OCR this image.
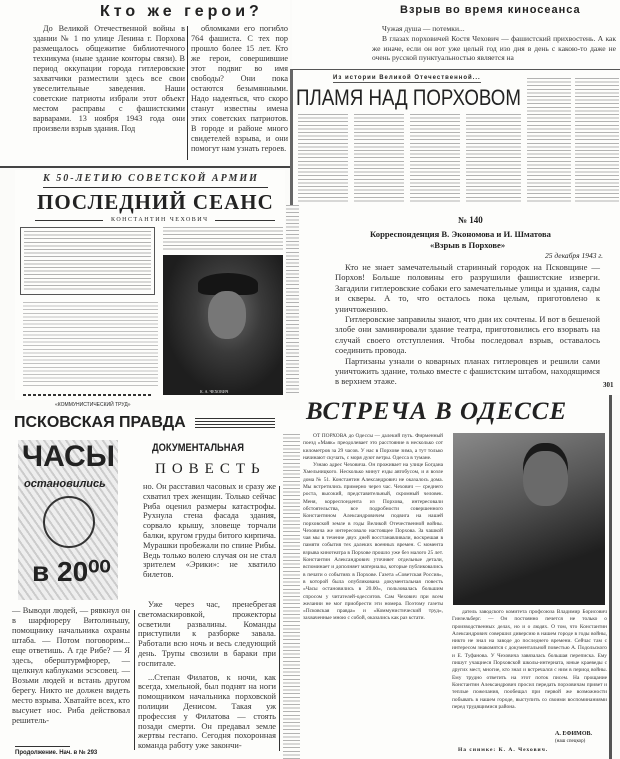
Кто же герои?
До Великой Отечественной войны в здании № 1 по улице Ленина г. Порхова размещалось общежитие библиотечного техникума (ныне здание конторы связи). В период оккупации города гитлеровские захватчики разместили здесь все свои увеселительные заведения. Наши советские патриоты избрали этот объект местом расправы с фашистскими варварами. 13 ноября 1943 года они произвели взрыв здания. Под
обломками его погибло 764 фашиста. С тех пор прошло более 15 лет. Кто же герои, совершившие этот подвиг во имя свободы? Они пока остаются безымянными. Надо надеяться, что скоро станут известны имена этих советских патриотов. В городе и районе много свидетелей взрыва, и они помогут нам узнать героев.
Взрыв во время киносеанса
Чужая душа — потемки...
В глазах порховичей Костя Чехович — фашистский прихвостень. А как же иначе, если он вот уже целый год изо дня в день с какою-то даже не очень русской пунктуальностью является на
Из истории Великой Отечественной...
ПЛАМЯ НАД ПОРХОВОМ
К 50-ЛЕТИЮ СОВЕТСКОЙ АРМИИ
ПОСЛЕДНИЙ СЕАНС
КОНСТАНТИН ЧЕХОВИЧ
К. А. ЧЕХОВИЧ
«КОММУНИСТИЧЕСКИЙ ТРУД»
№ 140
Корреспонденция В. Экономова и И. Шматова
«Взрыв в Порхове»
25 декабря 1943 г.

Кто не знает замечательный старинный городок на Псковщине — Порхов! Больше половины его разрушили фашистские изверги. Загадили гитлеровские собаки его замечательные улицы и здания, сады и скверы. А то, что осталось пока целым, приготовлено к уничтожению.

Гитлеровские заправилы знают, что дни их сочтены. И вот в бешеной злобе они заминировали здание театра, приготовились его взорвать на случай своего отступления. Чтобы последовал взрыв, оставалось соединить провода.

Партизаны узнали о коварных планах гитлеровцев и решили сами уничтожить здание, только вместе с фашистским штабом, находящимся в верхнем этаже.	301
ПСКОВСКАЯ ПРАВДА
ЧАСЫ
остановились
в 20⁰⁰
ДОКУМЕНТАЛЬНАЯ
ПОВЕСТЬ
но. Он расставил часовых и сразу же схватил трех женщин. Только сейчас Риба оценил размеры катастрофы. Рухнула стена фасада здания, сорвало крышу, зловеще торчали балки, кругом груды битого кирпича. Мурашки пробежали по спине Рибы. Ведь только волею случая он не стал зрителем «Эрики»: не хватило билетов.

Уже через час, пренебрегая светомаскировкой, прожекторы осветили развалины. Команды приступили к разборке завала. Работали всю ночь и весь следующий день. Трупы свозили в бараки при госпитале.

...Степан Филатов, к ночи, как всегда, хмельной, был поднят на ноги помощником начальника порховской полиции Денисом. Такая уж профессия у Филатова — стоять позади смерти. Он предавал земле жертвы гестапо. Сегодня похоронная команда работу уже закончи-

— Выводи людей, — рявкнул он в шарфюреру Витолиньшу, помощнику начальника охраны штаба. — Потом поговорим... еще ответишь. А где Рибе? — Я здесь, оберштурмфюрер, — щелкнул каблуками эсэсовец. — Возьми людей и встань другом берегу. Никто не должен видеть место взрыва. Хватайте всех, кто высунет нос. Риба действовал решитель-
Продолжение. Нач. в № 293
ВСТРЕЧА В ОДЕССЕ

ОТ ПОРХОВА до Одессы — далекий путь. Фирменный поезд «Маяк» преодолевает это расстояние в несколько сот километров за 29 часов. У нас в Порхове зима, а тут только начинают скучать, с моря дуют ветры. Одесса в тумане.

Узнаю адрес Чеховича. Он проживает на улице Богдана Хмельницкого. Несколько минут езды автобусом, и я возле дома № 51. Константин Александрович не оказалось дома. Мы встретились примерно через час. Чехович — среднего роста, высокий, представительный, скромный человек. Меня, корреспондента из Порхова, интересовали обстоятельства, все подробности совершенного Константином Александровичем подвига на нашей порховской земле в годы Великой Отечественной войны. Чеховича же интересовало настоящее Порхова. За чашкой чая мы в течение двух дней восстанавливали, воскрешая в памяти события тех далеких военных времен. С момента взрыва кинотеатра в Порхове прошло уже без малого 25 лет. Константин Александрович уточняет отдельные детали, вспоминает и дополняет материалы, которые публиковались в печати о событиях в Порхове. Газета «Советская Россия», в которой была опубликована документальная повесть «Часы остановились в 20.00», пользовалась большим спросом у читателей-одесситов. Сам Чехович при всем желании не мог приобрести эти номера. Поэтому газеты «Псковская правда» и «Коммунистический труд», захваченные мною с собой, оказались как раз кстати.

датель заводского комитета профсоюза Владимир Борисович Гинзельберг. — Он постоянно печется не только о производственных делах, но и о людях. О том, что Константин Александрович совершил диверсию в нашем городе в годы войны, никто не знал на заводе до последнего времени. Сейчас там с интересом знакомятся с документальной повестью А. Подольского и Е. Туфанова. У Чеховича завязалась большая переписка. Ему пишут учащиеся Порховской школы-интерната, юные краеведы с других мест, многие, кто знал и встречался с ним в период войны. Ему трудно ответить на этот поток писем. На прощание Константин Александрович просил передать порховичам привет и теплые пожелания, пообещал при первой же возможности побывать в нашем городе, выступить со своими воспоминаниями перед трудящимися района.
А. ЕФИМОВ.
(наш спецкор)
На снимке: К. А. Чехович.
